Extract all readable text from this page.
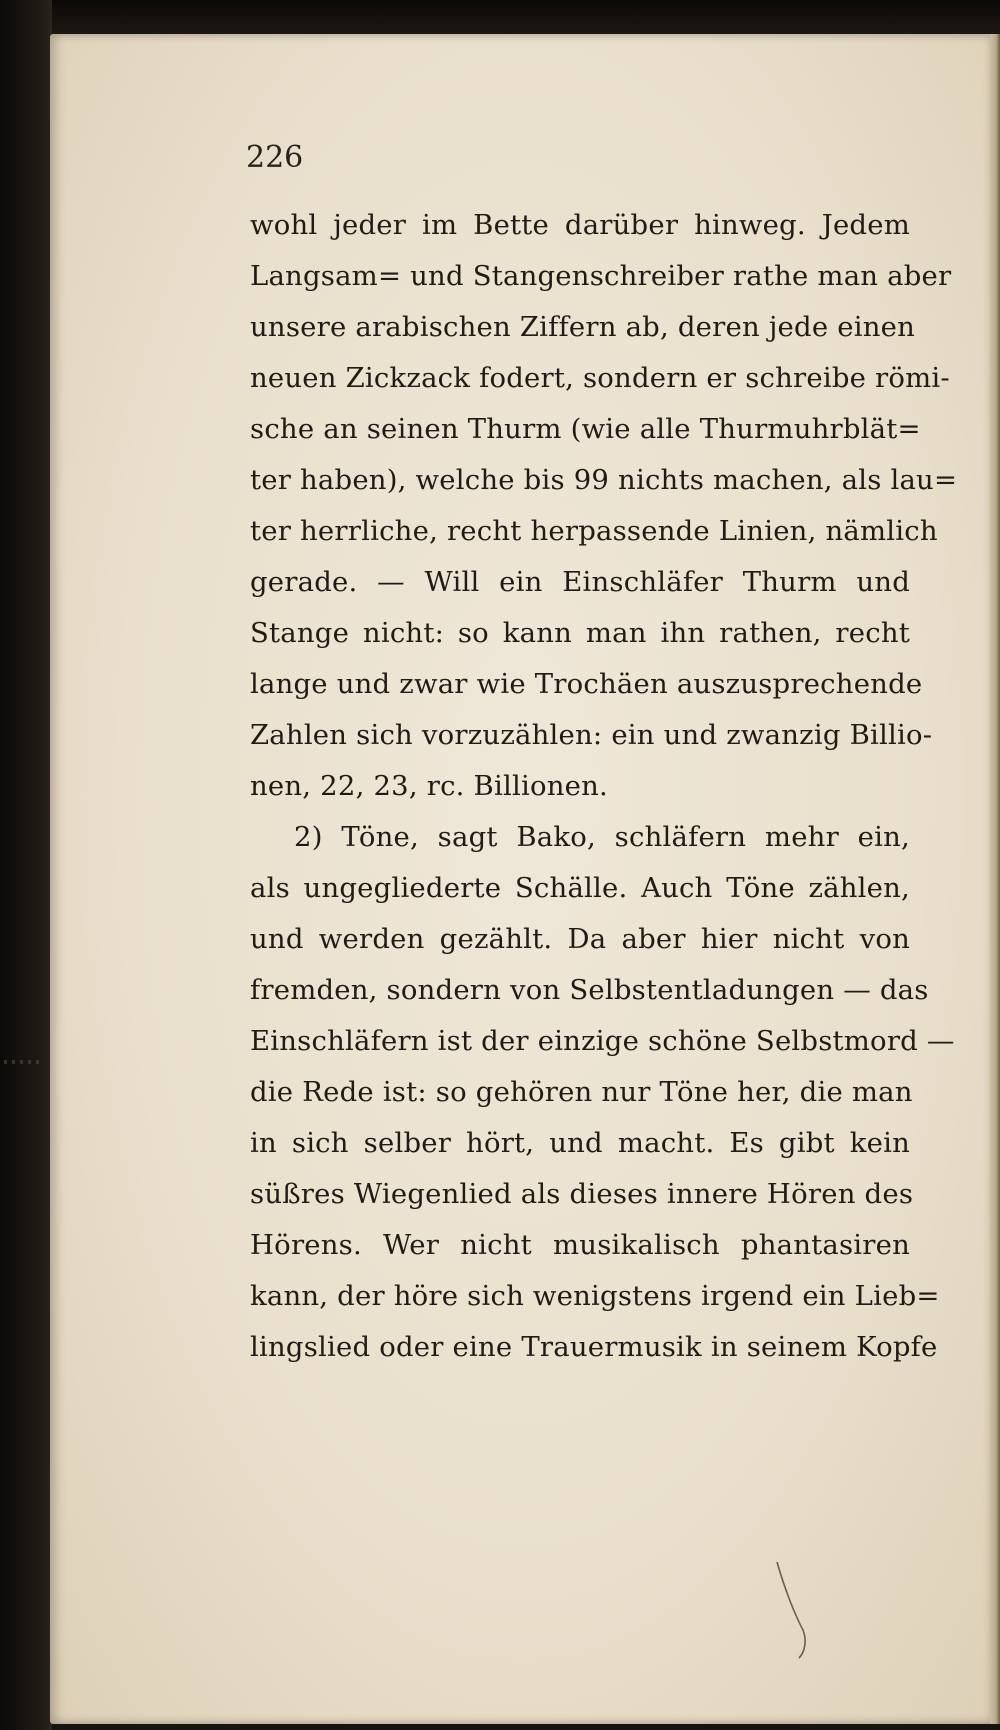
226
wohl jeder im Bette darüber hinweg. Jedem
Langsam= und Stangenschreiber rathe man aber
unsere arabischen Ziffern ab, deren jede einen
neuen Zickzack fodert, sondern er schreibe römi-
sche an seinen Thurm (wie alle Thurmuhrblät=
ter haben), welche bis 99 nichts machen, als lau=
ter herrliche, recht herpassende Linien, nämlich
gerade. — Will ein Einschläfer Thurm und
Stange nicht: so kann man ihn rathen, recht
lange und zwar wie Trochäen auszusprechende
Zahlen sich vorzuzählen: ein und zwanzig Billio-
nen, 22, 23, rc. Billionen.
2) Töne, sagt Bako, schläfern mehr ein,
als ungegliederte Schälle. Auch Töne zählen,
und werden gezählt. Da aber hier nicht von
fremden, sondern von Selbstentladungen — das
Einschläfern ist der einzige schöne Selbstmord —
die Rede ist: so gehören nur Töne her, die man
in sich selber hört, und macht. Es gibt kein
süßres Wiegenlied als dieses innere Hören des
Hörens. Wer nicht musikalisch phantasiren
kann, der höre sich wenigstens irgend ein Lieb=
lingslied oder eine Trauermusik in seinem Kopfe
